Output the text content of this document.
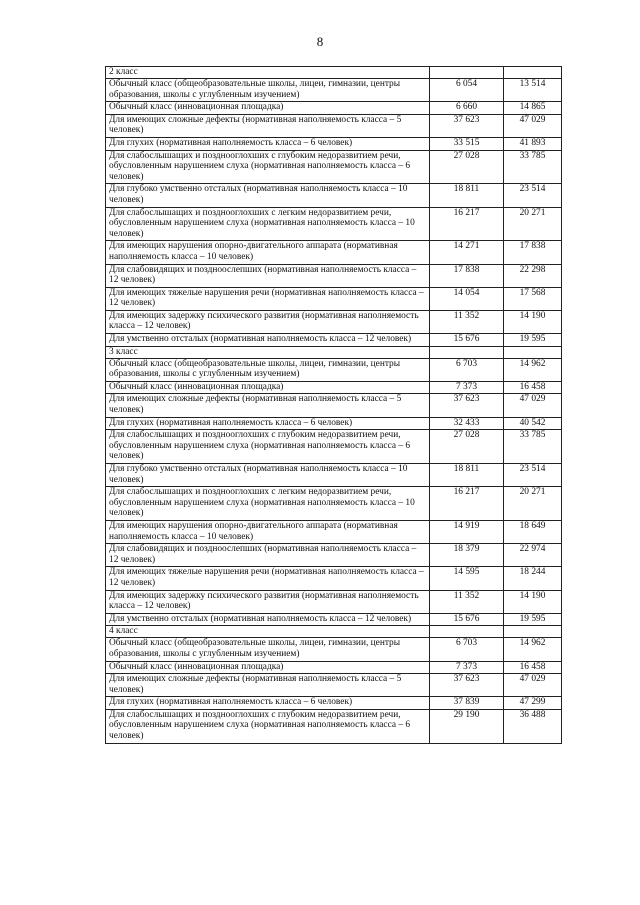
8
2 класс		
Обычный класс (общеобразовательные школы, лицеи, гимназии, центры образования, школы с углубленным изучением)	6 054	13 514
Обычный класс (инновационная площадка)	6 660	14 865
Для имеющих сложные дефекты (нормативная наполняемость класса – 5 человек)	37 623	47 029
Для глухих (нормативная наполняемость класса – 6 человек)	33 515	41 893
Для слабослышащих и позднооглохших с глубоким недоразвитием речи, обусловленным нарушением слуха (нормативная наполняемость класса – 6 человек)	27 028	33 785
Для глубоко умственно отсталых (нормативная наполняемость класса – 10 человек)	18 811	23 514
Для слабослышащих и позднооглохших с легким недоразвитием речи, обусловленным нарушением слуха (нормативная наполняемость класса – 10 человек)	16 217	20 271
Для имеющих нарушения опорно-двигательного аппарата (нормативная наполняемость класса – 10 человек)	14 271	17 838
Для слабовидящих и поздноослепших (нормативная наполняемость класса – 12 человек)	17 838	22 298
Для имеющих тяжелые нарушения речи (нормативная наполняемость класса – 12 человек)	14 054	17 568
Для имеющих задержку психического развития (нормативная наполняемость класса – 12 человек)	11 352	14 190
Для умственно отсталых (нормативная наполняемость класса – 12 человек)	15 676	19 595
3 класс		
Обычный класс (общеобразовательные школы, лицеи, гимназии, центры образования, школы с углубленным изучением)	6 703	14 962
Обычный класс (инновационная площадка)	7 373	16 458
Для имеющих сложные дефекты (нормативная наполняемость класса – 5 человек)	37 623	47 029
Для глухих (нормативная наполняемость класса – 6 человек)	32 433	40 542
Для слабослышащих и позднооглохших с глубоким недоразвитием речи, обусловленным нарушением слуха (нормативная наполняемость класса – 6 человек)	27 028	33 785
Для глубоко умственно отсталых (нормативная наполняемость класса – 10 человек)	18 811	23 514
Для слабослышащих и позднооглохших с легким недоразвитием речи, обусловленным нарушением слуха (нормативная наполняемость класса – 10 человек)	16 217	20 271
Для имеющих нарушения опорно-двигательного аппарата (нормативная наполняемость класса – 10 человек)	14 919	18 649
Для слабовидящих и поздноослепших (нормативная наполняемость класса – 12 человек)	18 379	22 974
Для имеющих тяжелые нарушения речи (нормативная наполняемость класса – 12 человек)	14 595	18 244
Для имеющих задержку психического развития (нормативная наполняемость класса – 12 человек)	11 352	14 190
Для умственно отсталых (нормативная наполняемость класса – 12 человек)	15 676	19 595
4 класс		
Обычный класс (общеобразовательные школы, лицеи, гимназии, центры образования, школы с углубленным изучением)	6 703	14 962
Обычный класс (инновационная площадка)	7 373	16 458
Для имеющих сложные дефекты (нормативная наполняемость класса – 5 человек)	37 623	47 029
Для глухих (нормативная наполняемость класса – 6 человек)	37 839	47 299
Для слабослышащих и позднооглохших с глубоким недоразвитием речи, обусловленным нарушением слуха (нормативная наполняемость класса – 6 человек)	29 190	36 488
